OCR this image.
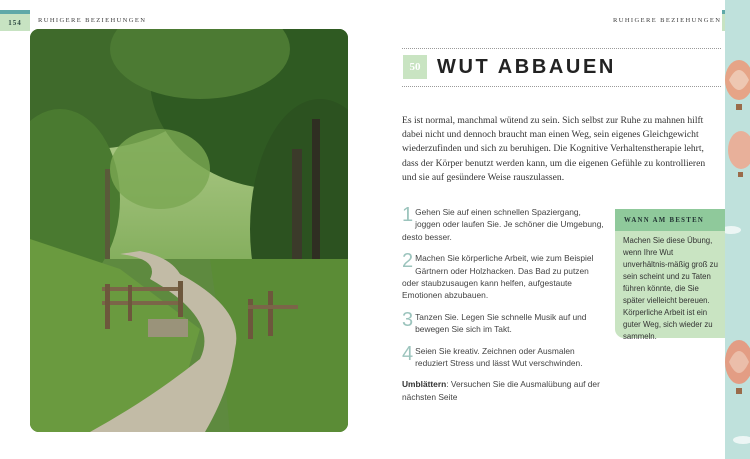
154	RUHIGERE BEZIEHUNGEN	RUHIGERE BEZIEHUNGEN
50 WUT ABBAUEN
Es ist normal, manchmal wütend zu sein. Sich selbst zur Ruhe zu mahnen hilft dabei nicht und dennoch braucht man einen Weg, sein eigenes Gleichgewicht wiederzufinden und sich zu beruhigen. Die Kognitive Verhaltenstherapie lehrt, dass der Körper benutzt werden kann, um die eigenen Gefühle zu kontrollieren und sie auf gesündere Weise rauszulassen.
1 Gehen Sie auf einen schnellen Spaziergang, joggen oder laufen Sie. Je schöner die Umgebung, desto besser.
2 Machen Sie körperliche Arbeit, wie zum Beispiel Gärtnern oder Holzhacken. Das Bad zu putzen oder staubzusaugen kann helfen, aufgestaute Emotionen abzubauen.
3 Tanzen Sie. Legen Sie schnelle Musik auf und bewegen Sie sich im Takt.
4 Seien Sie kreativ. Zeichnen oder Ausmalen reduziert Stress und lässt Wut verschwinden.
Umblättern: Versuchen Sie die Ausmalübung auf der nächsten Seite
WANN AM BESTEN
Machen Sie diese Übung, wenn Ihre Wut unverhältnis-mäßig groß zu sein scheint und zu Taten führen könnte, die Sie später vielleicht bereuen. Körperliche Arbeit ist ein guter Weg, sich wieder zu sammeln.
